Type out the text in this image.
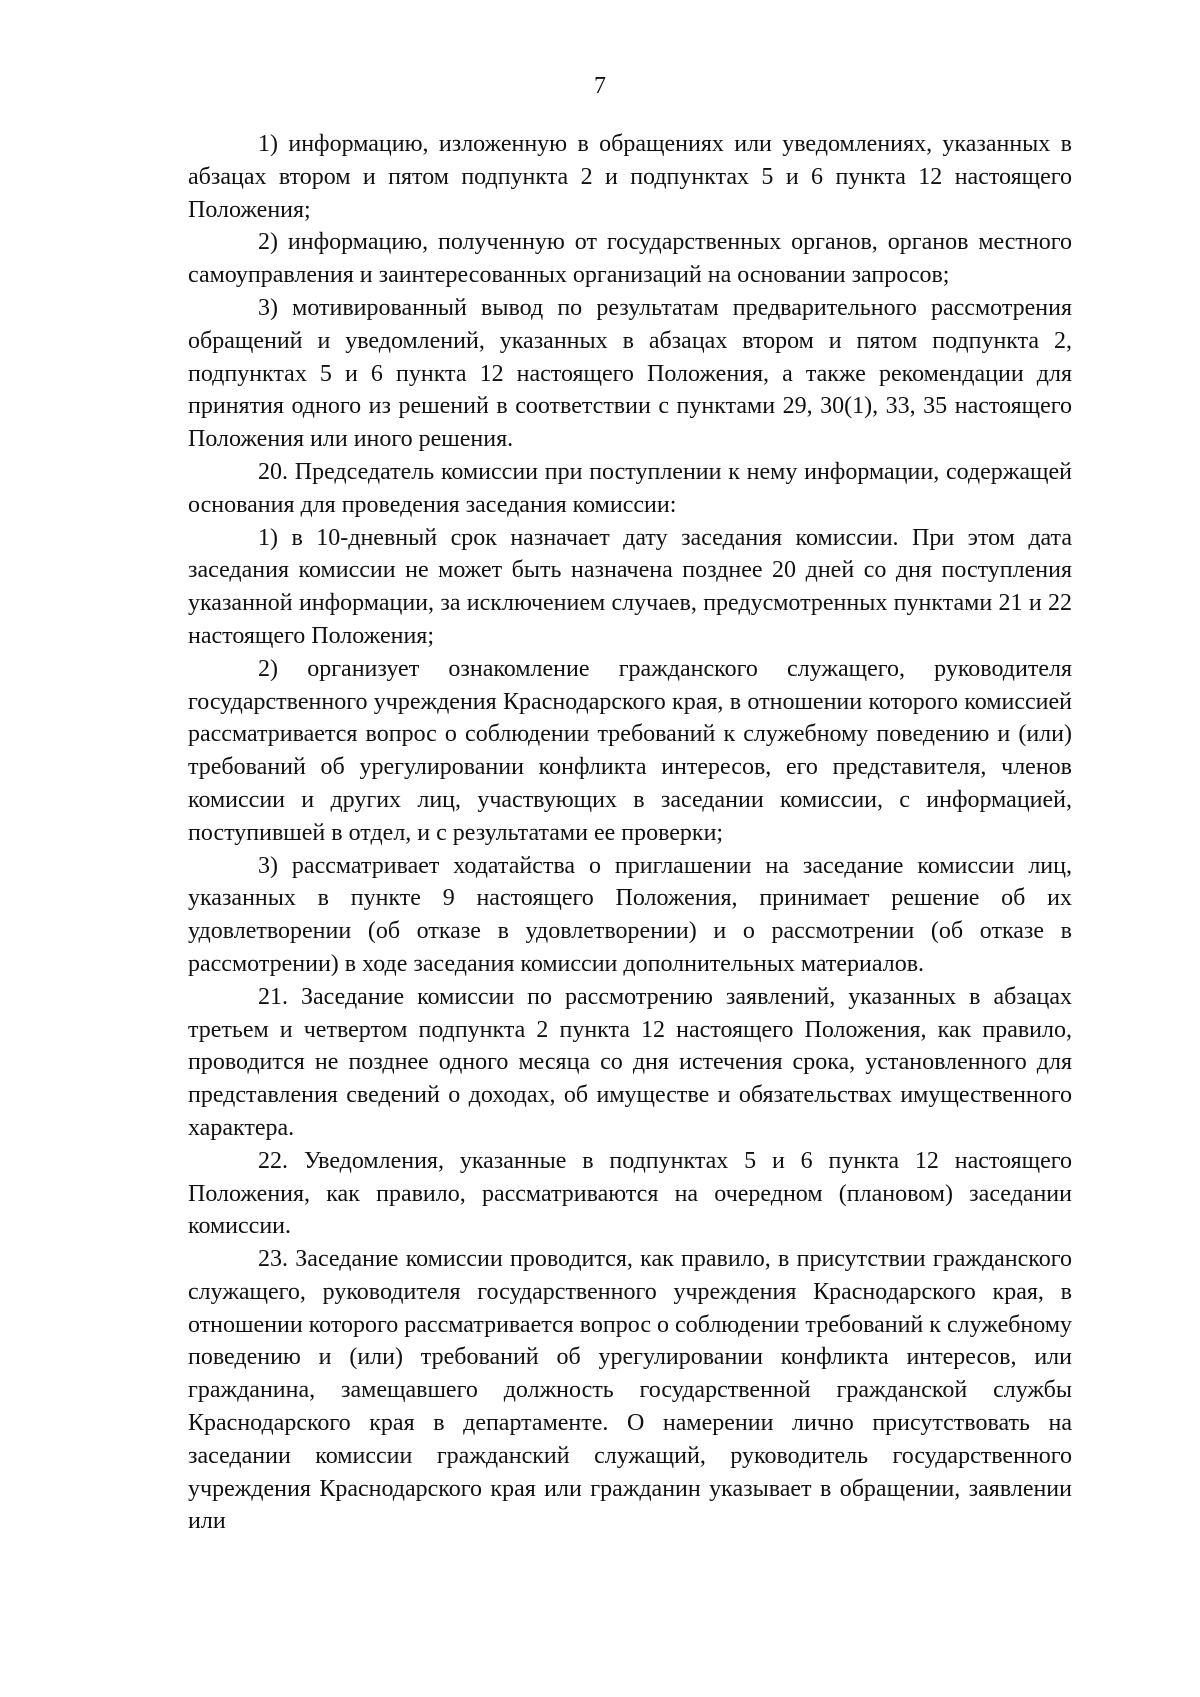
7

1) информацию, изложенную в обращениях или уведомлениях, указанных в абзацах втором и пятом подпункта 2 и подпунктах 5 и 6 пункта 12 настоящего Положения;

2) информацию, полученную от государственных органов, органов местного самоуправления и заинтересованных организаций на основании запросов;

3) мотивированный вывод по результатам предварительного рассмотрения обращений и уведомлений, указанных в абзацах втором и пятом подпункта 2, подпунктах 5 и 6 пункта 12 настоящего Положения, а также рекомендации для принятия одного из решений в соответствии с пунктами 29, 30(1), 33, 35 настоящего Положения или иного решения.

20. Председатель комиссии при поступлении к нему информации, содержащей основания для проведения заседания комиссии:

1) в 10-дневный срок назначает дату заседания комиссии. При этом дата заседания комиссии не может быть назначена позднее 20 дней со дня поступления указанной информации, за исключением случаев, предусмотренных пунктами 21 и 22 настоящего Положения;

2) организует ознакомление гражданского служащего, руководителя государственного учреждения Краснодарского края, в отношении которого комиссией рассматривается вопрос о соблюдении требований к служебному поведению и (или) требований об урегулировании конфликта интересов, его представителя, членов комиссии и других лиц, участвующих в заседании комиссии, с информацией, поступившей в отдел, и с результатами ее проверки;

3) рассматривает ходатайства о приглашении на заседание комиссии лиц, указанных в пункте 9 настоящего Положения, принимает решение об их удовлетворении (об отказе в удовлетворении) и о рассмотрении (об отказе в рассмотрении) в ходе заседания комиссии дополнительных материалов.

21. Заседание комиссии по рассмотрению заявлений, указанных в абзацах третьем и четвертом подпункта 2 пункта 12 настоящего Положения, как правило, проводится не позднее одного месяца со дня истечения срока, установленного для представления сведений о доходах, об имуществе и обязательствах имущественного характера.

22. Уведомления, указанные в подпунктах 5 и 6 пункта 12 настоящего Положения, как правило, рассматриваются на очередном (плановом) заседании комиссии.

23. Заседание комиссии проводится, как правило, в присутствии гражданского служащего, руководителя государственного учреждения Краснодарского края, в отношении которого рассматривается вопрос о соблюдении требований к служебному поведению и (или) требований об урегулировании конфликта интересов, или гражданина, замещавшего должность государственной гражданской службы Краснодарского края в департаменте. О намерении лично присутствовать на заседании комиссии гражданский служащий, руководитель государственного учреждения Краснодарского края или гражданин указывает в обращении, заявлении или
